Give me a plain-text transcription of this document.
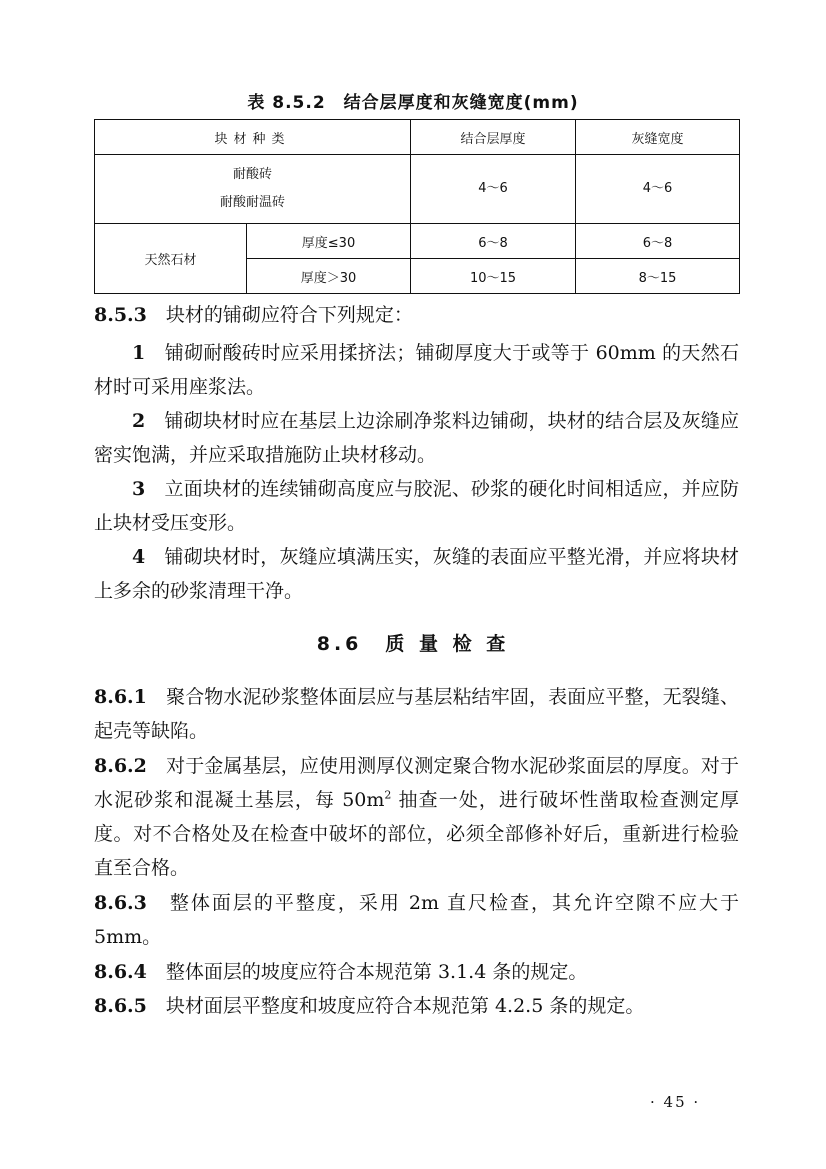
表 8.5.2　结合层厚度和灰缝宽度(mm)
块材种类		结合层厚度	灰缝宽度

耐酸砖
耐酸耐温砖		4～6	4～6
天然石材	厚度≤30	6～8	6～8
	厚度＞30	10～15	8～15

8.5.3　 块材的铺砌应符合下列规定：

1　 铺砌耐酸砖时应采用揉挤法；铺砌厚度大于或等于 60mm 的天然石材时可采用座浆法。

2　 铺砌块材时应在基层上边涂刷净浆料边铺砌，块材的结合层及灰缝应密实饱满，并应采取措施防止块材移动。

3　 立面块材的连续铺砌高度应与胶泥、砂浆的硬化时间相适应，并应防止块材受压变形。

4　 铺砌块材时，灰缝应填满压实，灰缝的表面应平整光滑，并应将块材上多余的砂浆清理干净。

8.6　质 量 检 查

8.6.1　 聚合物水泥砂浆整体面层应与基层粘结牢固，表面应平整，无裂缝、起壳等缺陷。

8.6.2　 对于金属基层，应使用测厚仪测定聚合物水泥砂浆面层的厚度。对于水泥砂浆和混凝土基层，每 $50m^2$ 抽查一处，进行破坏性凿取检查测定厚度。对不合格处及在检查中破坏的部位，必须全部修补好后，重新进行检验直至合格。

8.6.3　 整体面层的平整度，采用 2m 直尺检查，其允许空隙不应大于 5mm。

8.6.4　 整体面层的坡度应符合本规范第 3.1.4 条的规定。

8.6.5　 块材面层平整度和坡度应符合本规范第 4.2.5 条的规定。

· 45 ·
